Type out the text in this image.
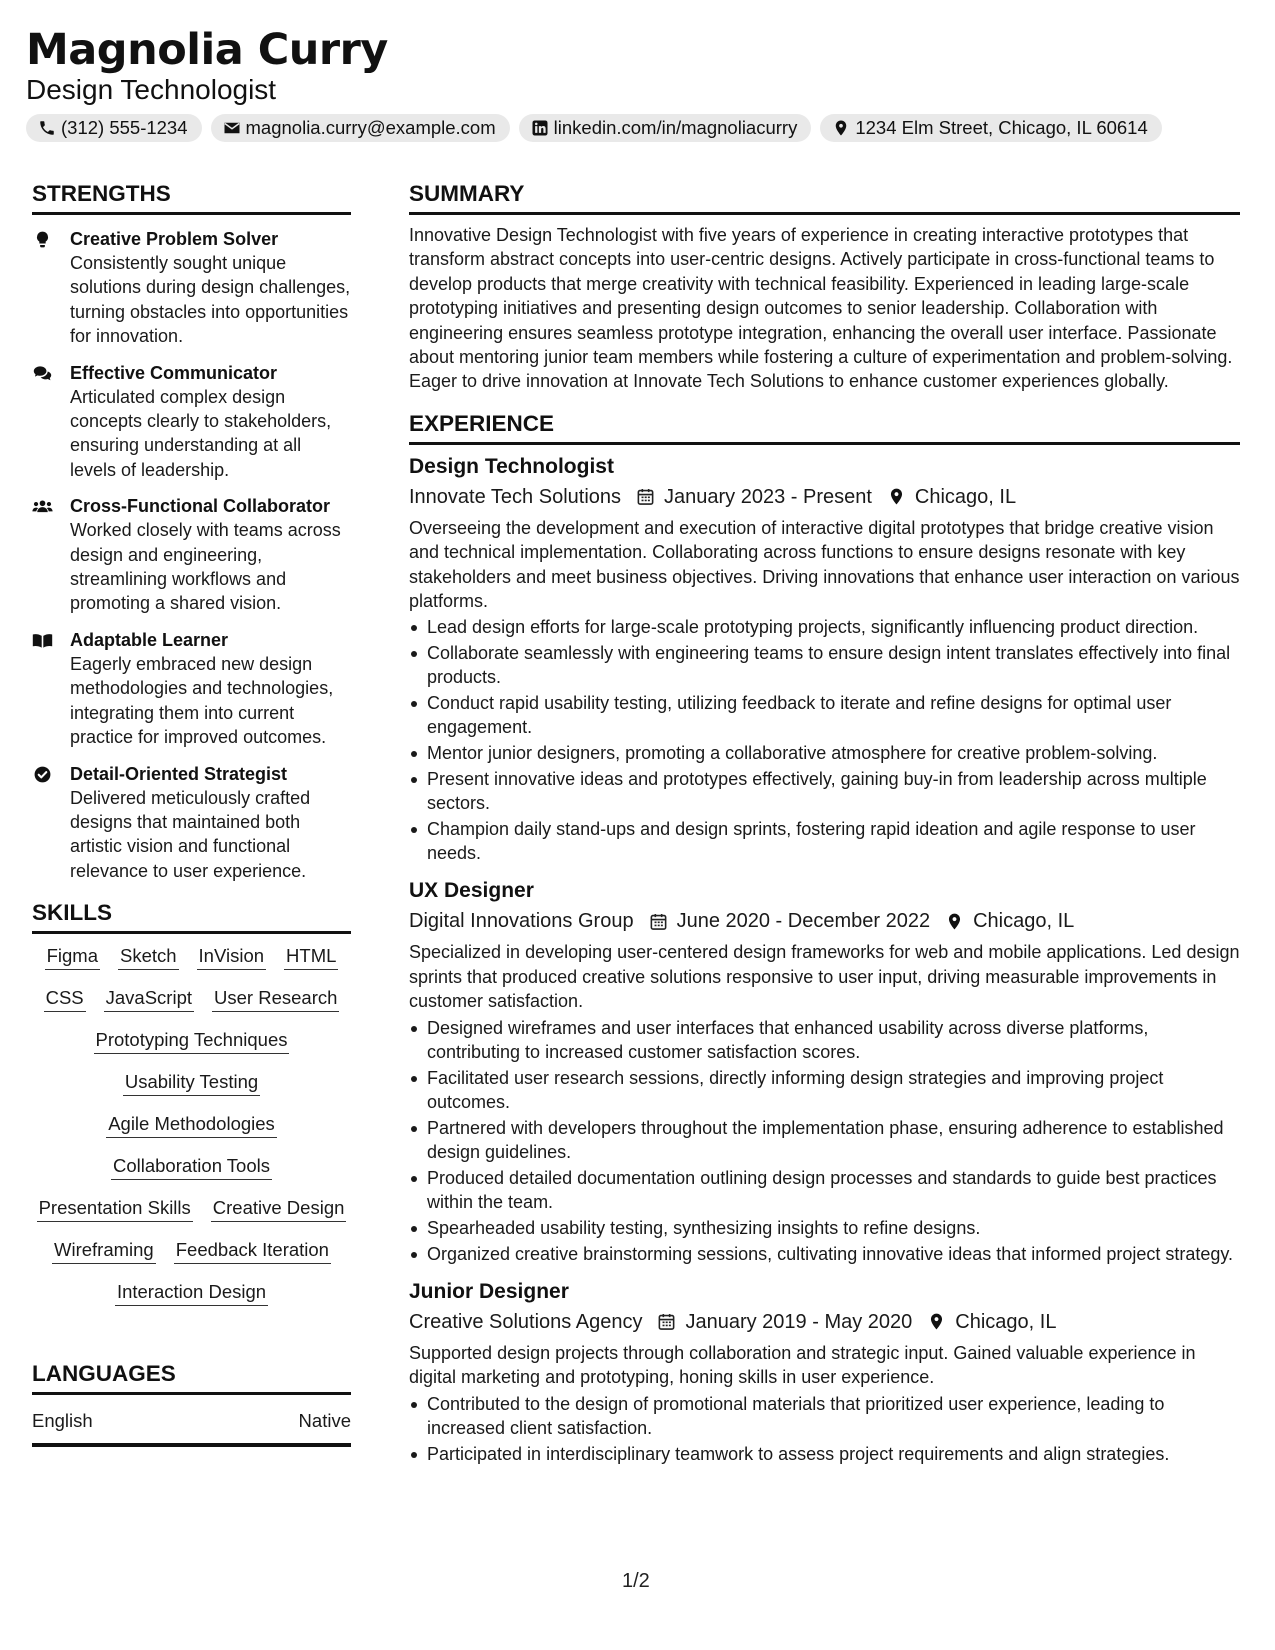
Magnolia Curry
Design Technologist
(312) 555-1234	magnolia.curry@example.com	linkedin.com/in/magnoliacurry	1234 Elm Street, Chicago, IL 60614
STRENGTHS
Creative Problem Solver
Consistently sought unique solutions during design challenges, turning obstacles into opportunities for innovation.
Effective Communicator
Articulated complex design concepts clearly to stakeholders, ensuring understanding at all levels of leadership.
Cross-Functional Collaborator
Worked closely with teams across design and engineering, streamlining workflows and promoting a shared vision.
Adaptable Learner
Eagerly embraced new design methodologies and technologies, integrating them into current practice for improved outcomes.
Detail-Oriented Strategist
Delivered meticulously crafted designs that maintained both artistic vision and functional relevance to user experience.
SKILLS
Figma Sketch InVision HTML
CSS JavaScript User Research
Prototyping Techniques
Usability Testing
Agile Methodologies
Collaboration Tools
Presentation Skills Creative Design
Wireframing Feedback Iteration
Interaction Design
LANGUAGES
English	Native
SUMMARY
Innovative Design Technologist with five years of experience in creating interactive prototypes that transform abstract concepts into user-centric designs. Actively participate in cross-functional teams to develop products that merge creativity with technical feasibility. Experienced in leading large-scale prototyping initiatives and presenting design outcomes to senior leadership. Collaboration with engineering ensures seamless prototype integration, enhancing the overall user interface. Passionate about mentoring junior team members while fostering a culture of experimentation and problem-solving. Eager to drive innovation at Innovate Tech Solutions to enhance customer experiences globally.
EXPERIENCE
Design Technologist
Innovate Tech Solutions January 2023 - Present Chicago, IL
Overseeing the development and execution of interactive digital prototypes that bridge creative vision and technical implementation. Collaborating across functions to ensure designs resonate with key stakeholders and meet business objectives. Driving innovations that enhance user interaction on various platforms.
Lead design efforts for large-scale prototyping projects, significantly influencing product direction.
Collaborate seamlessly with engineering teams to ensure design intent translates effectively into final products.
Conduct rapid usability testing, utilizing feedback to iterate and refine designs for optimal user engagement.
Mentor junior designers, promoting a collaborative atmosphere for creative problem-solving.
Present innovative ideas and prototypes effectively, gaining buy-in from leadership across multiple sectors.
Champion daily stand-ups and design sprints, fostering rapid ideation and agile response to user needs.
UX Designer
Digital Innovations Group June 2020 - December 2022 Chicago, IL
Specialized in developing user-centered design frameworks for web and mobile applications. Led design sprints that produced creative solutions responsive to user input, driving measurable improvements in customer satisfaction.
Designed wireframes and user interfaces that enhanced usability across diverse platforms, contributing to increased customer satisfaction scores.
Facilitated user research sessions, directly informing design strategies and improving project outcomes.
Partnered with developers throughout the implementation phase, ensuring adherence to established design guidelines.
Produced detailed documentation outlining design processes and standards to guide best practices within the team.
Spearheaded usability testing, synthesizing insights to refine designs.
Organized creative brainstorming sessions, cultivating innovative ideas that informed project strategy.
Junior Designer
Creative Solutions Agency January 2019 - May 2020 Chicago, IL
Supported design projects through collaboration and strategic input. Gained valuable experience in digital marketing and prototyping, honing skills in user experience.
Contributed to the design of promotional materials that prioritized user experience, leading to increased client satisfaction.
Participated in interdisciplinary teamwork to assess project requirements and align strategies.
1/2
